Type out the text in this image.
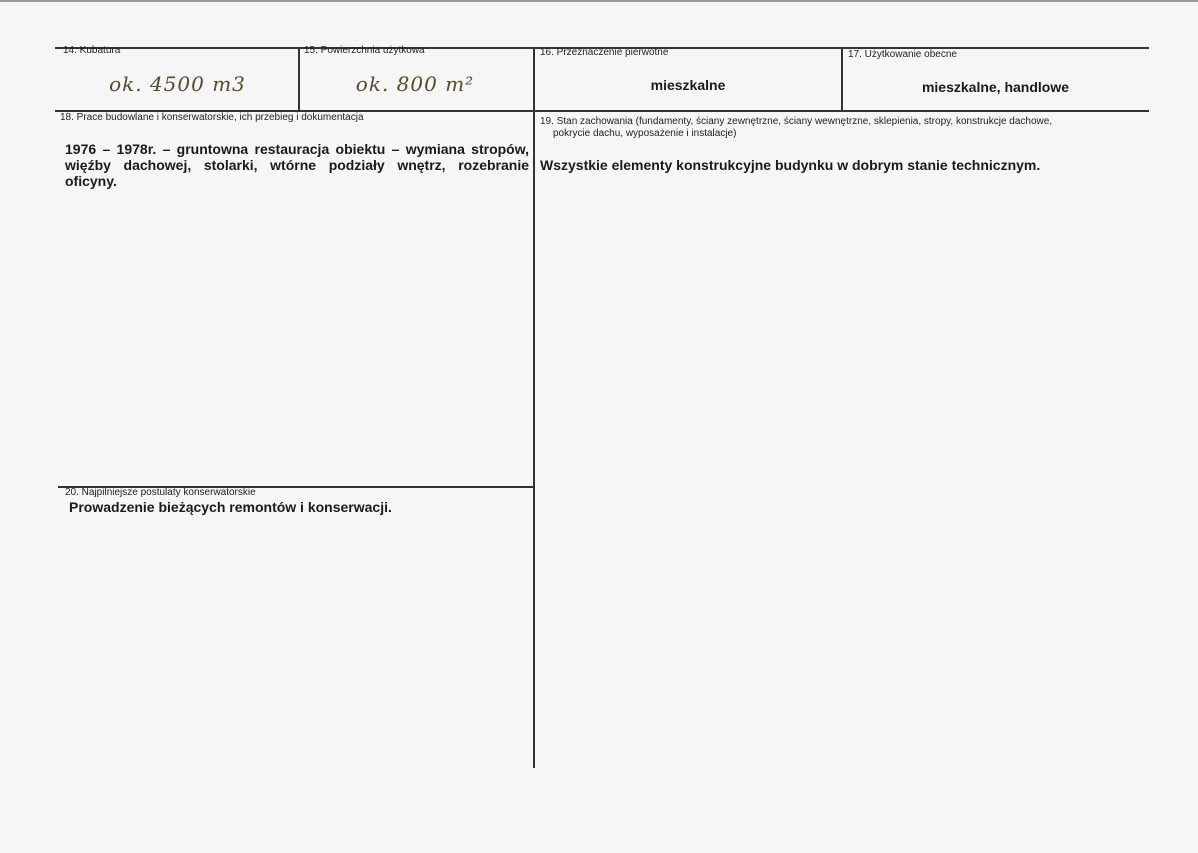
14. Kubatura
ok. 4500 m3
15. Powierzchnia użytkowa
ok. 800 m²
16. Przeznaczenie pierwotne
mieszkalne
17. Użytkowanie obecne
mieszkalne, handlowe
18. Prace budowlane i konserwatorskie, ich przebieg i dokumentacja
1976 – 1978r. – gruntowna restauracja obiektu – wymiana stropów, więźby dachowej, stolarki, wtórne podziały wnętrz, rozebranie oficyny.
19. Stan zachowania (fundamenty, ściany zewnętrzne, ściany wewnętrzne, sklepienia, stropy, konstrukcje dachowe,
pokrycie dachu, wyposażenie i instalacje)
Wszystkie elementy konstrukcyjne budynku w dobrym stanie technicznym.
20. Najpilniejsze postulaty konserwatorskie
Prowadzenie bieżących remontów i konserwacji.
